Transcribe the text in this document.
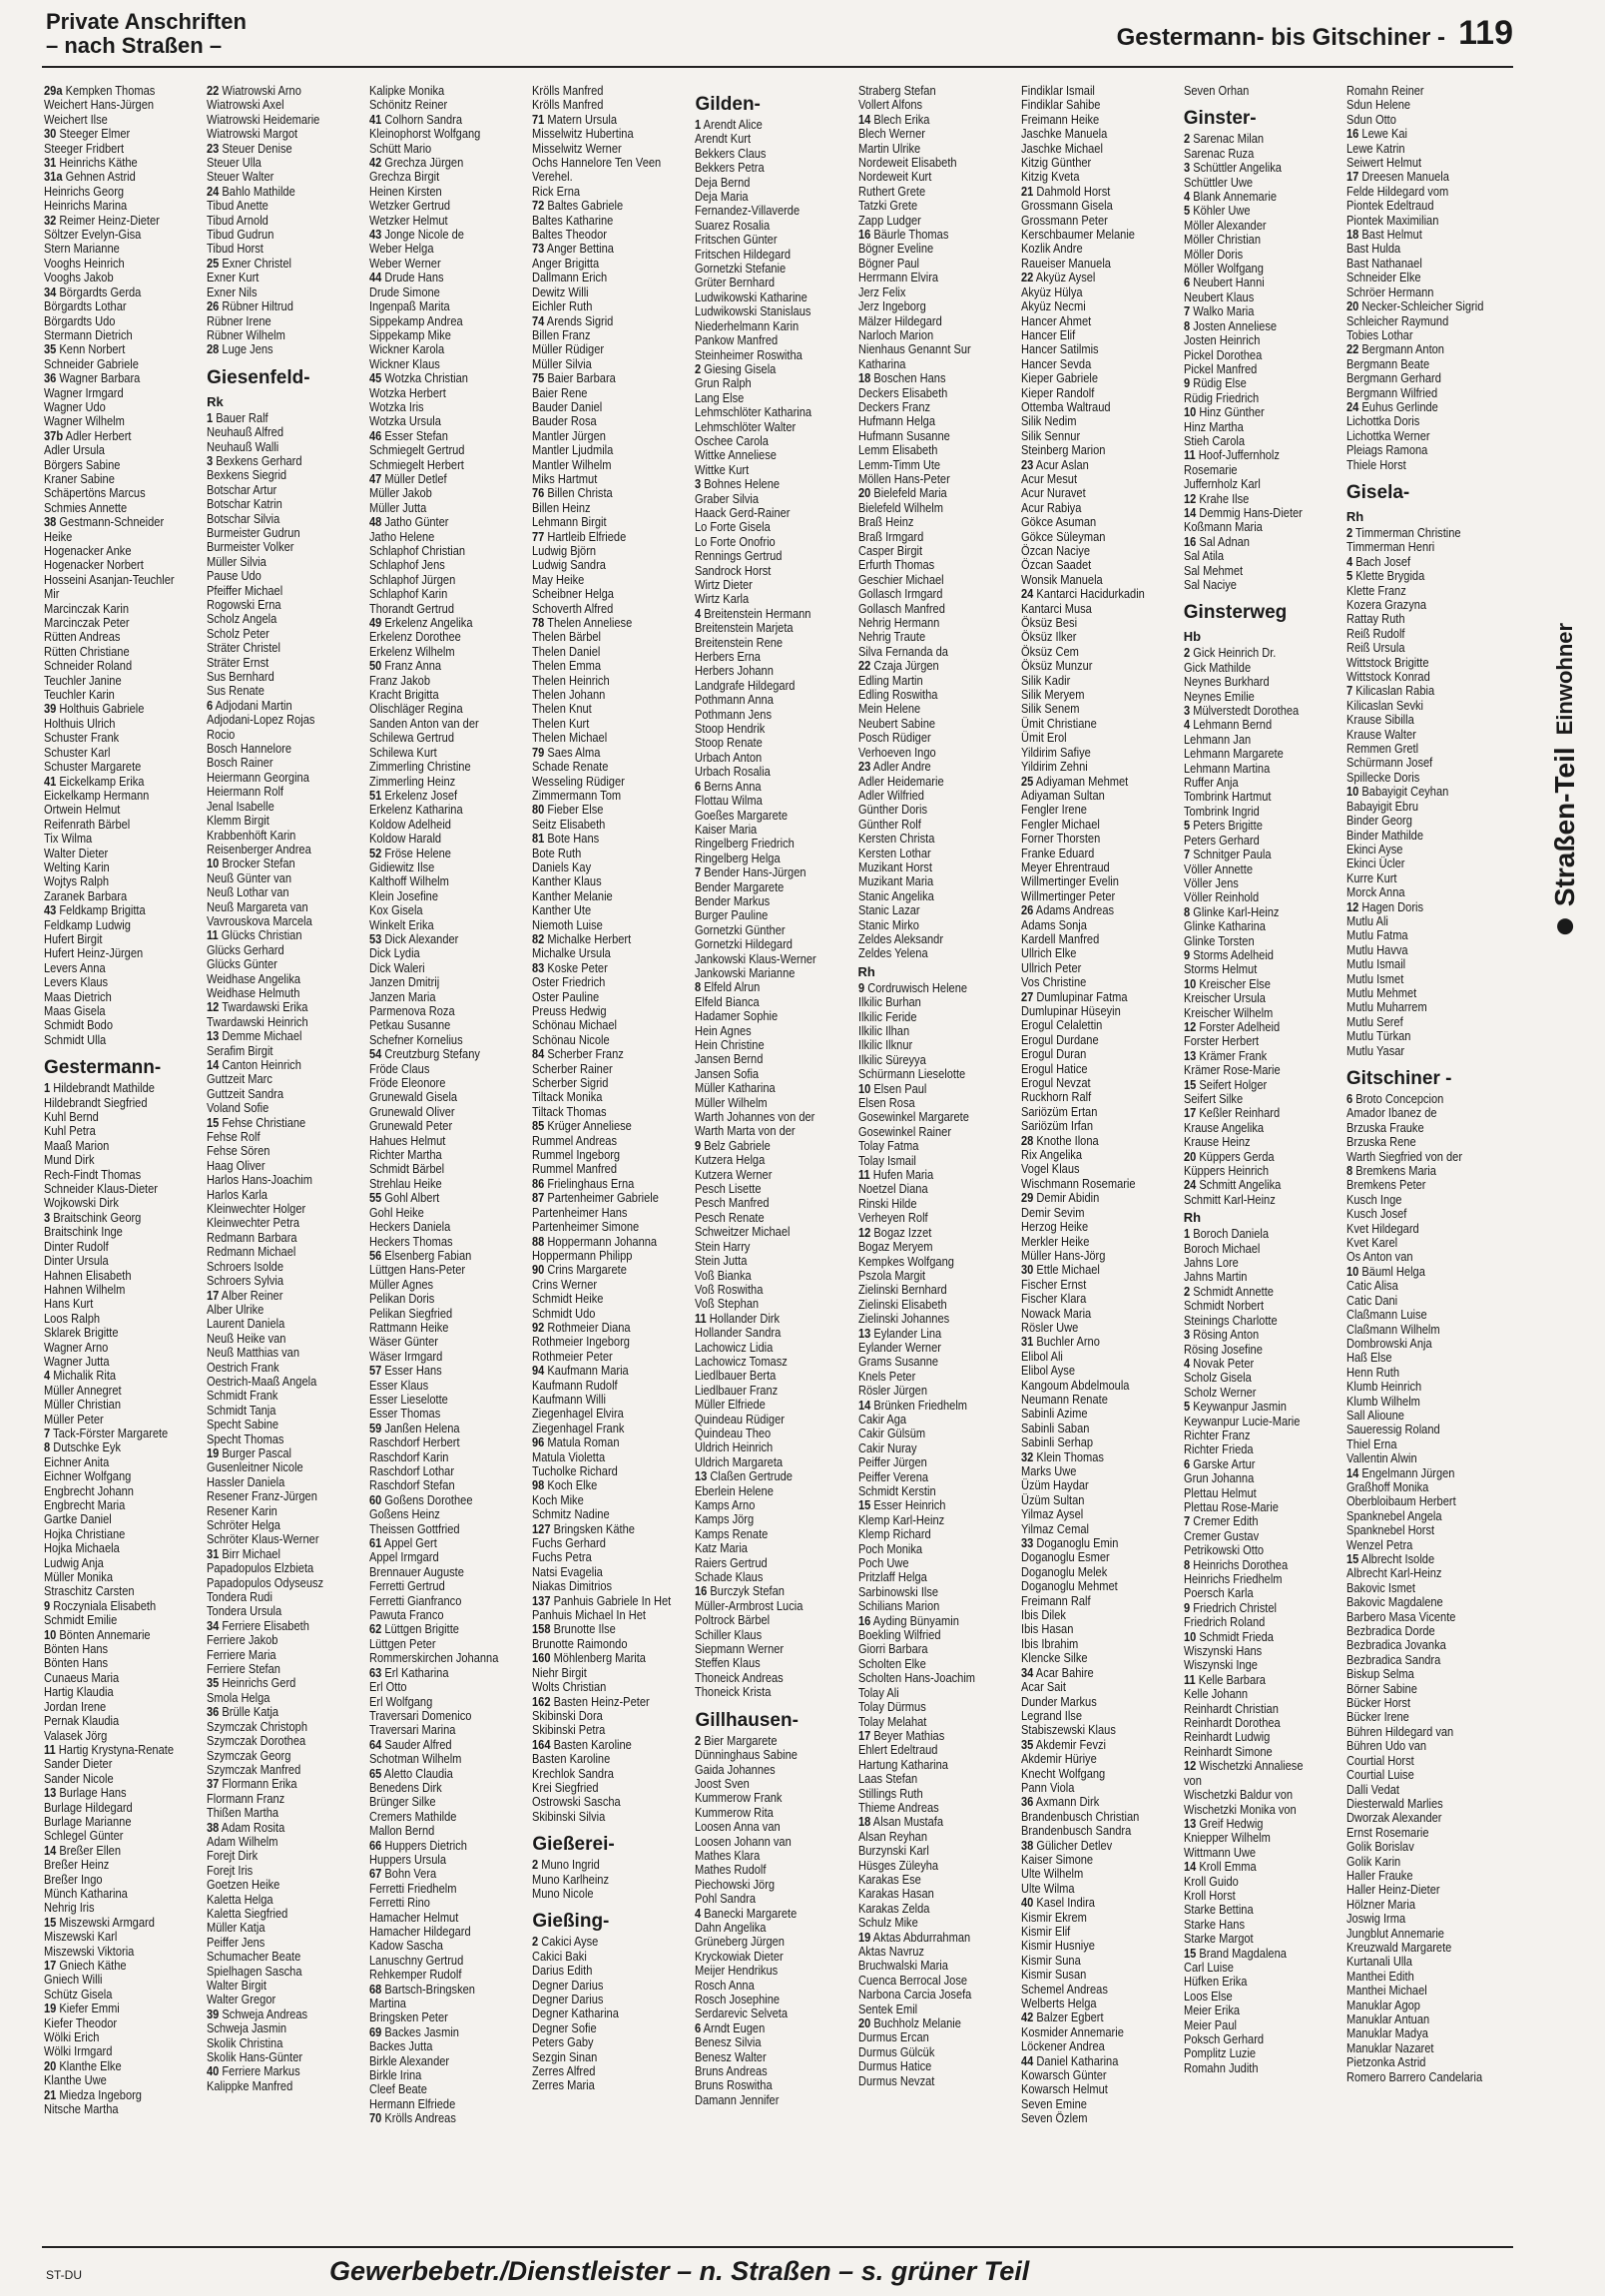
Private Anschriften
– nach Straßen –	Gestermann- bis Gitschiner - 119
29a Kempken Thomas
Weichert Hans-Jürgen
Weichert Ilse
30 Steeger Elmer
Steeger Fridbert
31 Heinrichs Käthe
31a Gehnen Astrid
Heinrichs Georg
Heinrichs Marina
32 Reimer Heinz-Dieter
Söltzer Evelyn-Gisa
Stern Marianne
Vooghs Heinrich
Vooghs Jakob
34 Börgardts Gerda
Börgardts Lothar
Börgardts Udo
Stermann Dietrich
35 Kenn Norbert
Schneider Gabriele
36 Wagner Barbara
Wagner Irmgard
Wagner Udo
Wagner Wilhelm
37b Adler Herbert
Adler Ursula
Börgers Sabine
Kraner Sabine
Schäpertöns Marcus
Schmies Annette
38 Gestmann-Schneider
Heike
Hogenacker Anke
Hogenacker Norbert
Hosseini Asanjan-Teuchler
Mir
Marcinczak Karin
Marcinczak Peter
Rütten Andreas
Rütten Christiane
Schneider Roland
Teuchler Janine
Teuchler Karin
39 Holthuis Gabriele
Holthuis Ulrich
Schuster Frank
Schuster Karl
Schuster Margarete
41 Eickelkamp Erika
Eickelkamp Hermann
Ortwein Helmut
Reifenrath Bärbel
Tix Wilma
Walter Dieter
Welting Karin
Wojtys Ralph
Zaranek Barbara
43 Feldkamp Brigitta
Feldkamp Ludwig
Hufert Birgit
Hufert Heinz-Jürgen
Levers Anna
Levers Klaus
Maas Dietrich
Maas Gisela
Schmidt Bodo
Schmidt Ulla
Gestermann-
1 Hildebrandt Mathilde
Hildebrandt Siegfried
Kuhl Bernd
Kuhl Petra
Maaß Marion
Mund Dirk
Rech-Findt Thomas
Schneider Klaus-Dieter
Wojkowski Dirk
3 Braitschink Georg
Braitschink Inge
Dinter Rudolf
Dinter Ursula
Hahnen Elisabeth
Hahnen Wilhelm
Hans Kurt
Loos Ralph
Sklarek Brigitte
Wagner Arno
Wagner Jutta
4 Michalik Rita
Müller Annegret
Müller Christian
Müller Peter
7 Tack-Förster Margarete
8 Dutschke Eyk
Eichner Anita
Eichner Wolfgang
Engbrecht Johann
Engbrecht Maria
Gartke Daniel
Hojka Christiane
Hojka Michaela
Ludwig Anja
Müller Monika
Straschitz Carsten
9 Roczyniala Elisabeth
Schmidt Emilie
10 Bönten Annemarie
Bönten Hans
Bönten Hans
Cunaeus Maria
Hartig Klaudia
Jordan Irene
Pernak Klaudia
Valasek Jörg
11 Hartig Krystyna-Renate
Sander Dieter
Sander Nicole
13 Burlage Hans
Burlage Hildegard
Burlage Marianne
Schlegel Günter
14 Breßer Ellen
Breßer Heinz
Breßer Ingo
Münch Katharina
Nehrig Iris
15 Miszewski Armgard
Miszewski Karl
Miszewski Viktoria
17 Gniech Käthe
Gniech Willi
Schütz Gisela
19 Kiefer Emmi
Kiefer Theodor
Wölki Erich
Wölki Irmgard
20 Klanthe Elke
Klanthe Uwe
21 Miedza Ingeborg
Nitsche Martha
22 Wiatrowski Arno
Wiatrowski Axel
Wiatrowski Heidemarie
Wiatrowski Margot
23 Steuer Denise
Steuer Ulla
Steuer Walter
24 Bahlo Mathilde
Tibud Anette
Tibud Arnold
Tibud Gudrun
Tibud Horst
25 Exner Christel
Exner Kurt
Exner Nils
26 Rübner Hiltrud
Rübner Irene
Rübner Wilhelm
28 Luge Jens
Giesenfeld-
Rk
1 Bauer Ralf
Neuhauß Alfred
Neuhauß Walli
3 Bexkens Gerhard
Bexkens Siegrid
Botschar Artur
Botschar Katrin
Botschar Silvia
Burmeister Gudrun
Burmeister Volker
Müller Silvia
Pause Udo
Pfeiffer Michael
Rogowski Erna
Scholz Angela
Scholz Peter
Sträter Christel
Sträter Ernst
Sus Bernhard
Sus Renate
6 Adjodani Martin
Adjodani-Lopez Rojas
Rocio
Bosch Hannelore
Bosch Rainer
Heiermann Georgina
Heiermann Rolf
Jenal Isabelle
Klemm Birgit
Krabbenhöft Karin
Reisenberger Andrea
10 Brocker Stefan
Neuß Günter van
Neuß Lothar van
Neuß Margareta van
Vavrouskova Marcela
11 Glücks Christian
Glücks Gerhard
Glücks Günter
Weidhase Angelika
Weidhase Helmuth
12 Twardawski Erika
Twardawski Heinrich
13 Demme Michael
Serafim Birgit
14 Canton Heinrich
Guttzeit Marc
Guttzeit Sandra
Voland Sofie
15 Fehse Christiane
Fehse Rolf
Fehse Sören
Haag Oliver
Harlos Hans-Joachim
Harlos Karla
Kleinwechter Holger
Kleinwechter Petra
Redmann Barbara
Redmann Michael
Schroers Isolde
Schroers Sylvia
17 Alber Reiner
Alber Ulrike
Laurent Daniela
Neuß Heike van
Neuß Matthias van
Oestrich Frank
Oestrich-Maaß Angela
Schmidt Frank
Schmidt Tanja
Specht Sabine
Specht Thomas
19 Burger Pascal
Gusenleitner Nicole
Hassler Daniela
Resener Franz-Jürgen
Resener Karin
Schröter Helga
Schröter Klaus-Werner
31 Birr Michael
Papadopulos Elzbieta
Papadopulos Odyseusz
Tondera Rudi
Tondera Ursula
34 Ferriere Elisabeth
Ferriere Jakob
Ferriere Maria
Ferriere Stefan
35 Heinrichs Gerd
Smola Helga
36 Brülle Katja
Szymczak Christoph
Szymczak Dorothea
Szymczak Georg
Szymczak Manfred
37 Flormann Erika
Flormann Franz
Thißen Martha
38 Adam Rosita
Adam Wilhelm
Forejt Dirk
Forejt Iris
Goetzen Heike
Kaletta Helga
Kaletta Siegfried
Müller Katja
Peiffer Jens
Schumacher Beate
Spielhagen Sascha
Walter Birgit
Walter Gregor
39 Schweja Andreas
Schweja Jasmin
Skolik Christina
Skolik Hans-Günter
40 Ferriere Markus
Kalippke Manfred
Kalipke Monika
Schönitz Reiner
41 Colhorn Sandra
Kleinophorst Wolfgang
Schütt Mario
42 Grechza Jürgen
Grechza Birgit
Heinen Kirsten
Wetzker Gertrud
Wetzker Helmut
43 Jonge Nicole de
Weber Helga
Weber Werner
44 Drude Hans
Drude Simone
Ingenpaß Marita
Sippekamp Andrea
Sippekamp Mike
Wickner Karola
Wickner Klaus
45 Wotzka Christian
Wotzka Herbert
Wotzka Iris
Wotzka Ursula
46 Esser Stefan
Schmiegelt Gertrud
Schmiegelt Herbert
47 Müller Detlef
Müller Jakob
Müller Jutta
48 Jatho Günter
Jatho Helene
Schlaphof Christian
Schlaphof Jens
Schlaphof Jürgen
Schlaphof Karin
Thorandt Gertrud
49 Erkelenz Angelika
Erkelenz Dorothee
Erkelenz Wilhelm
50 Franz Anna
Franz Jakob
Kracht Brigitta
Olischläger Regina
Sanden Anton van der
Schilewa Gertrud
Schilewa Kurt
Zimmerling Christine
Zimmerling Heinz
51 Erkelenz Josef
Erkelenz Katharina
Koldow Adelheid
Koldow Harald
52 Fröse Helene
Gidiewitz Ilse
Kalthoff Wilhelm
Klein Josefine
Kox Gisela
Winkelt Erika
53 Dick Alexander
Dick Lydia
Dick Waleri
Janzen Dmitrij
Janzen Maria
Parmenova Roza
Petkau Susanne
Schefner Kornelius
54 Creutzburg Stefany
Fröde Claus
Fröde Eleonore
Grunewald Gisela
Grunewald Oliver
Grunewald Peter
Hahues Helmut
Richter Martha
Schmidt Bärbel
Strehlau Heike
55 Gohl Albert
Gohl Heike
Heckers Daniela
Heckers Thomas
56 Elsenberg Fabian
Lüttgen Hans-Peter
Müller Agnes
Pelikan Doris
Pelikan Siegfried
Rattmann Heike
Wäser Günter
Wäser Irmgard
57 Esser Hans
Esser Klaus
Esser Lieselotte
Esser Thomas
59 Janßen Helena
Raschdorf Herbert
Raschdorf Karin
Raschdorf Lothar
Raschdorf Stefan
60 Goßens Dorothee
Goßens Heinz
Theissen Gottfried
61 Appel Gert
Appel Irmgard
Brennauer Auguste
Ferretti Gertrud
Ferretti Gianfranco
Pawuta Franco
62 Lüttgen Brigitte
Lüttgen Peter
Rommerskirchen Johanna
63 Erl Katharina
Erl Otto
Erl Wolfgang
Traversari Domenico
Traversari Marina
64 Sauder Alfred
Schotman Wilhelm
65 Aletto Claudia
Benedens Dirk
Brünger Silke
Cremers Mathilde
Mallon Bernd
66 Huppers Dietrich
Huppers Ursula
67 Bohn Vera
Ferretti Friedhelm
Ferretti Rino
Hamacher Helmut
Hamacher Hildegard
Kadow Sascha
Lanuschny Gertrud
Rehkemper Rudolf
68 Bartsch-Bringsken
Martina
Bringsken Peter
69 Backes Jasmin
Backes Jutta
Birkle Alexander
Birkle Irina
Cleef Beate
Hermann Elfriede
70 Krölls Andreas
Krölls Manfred
Krölls Manfred
71 Matern Ursula
Misselwitz Hubertina
Misselwitz Werner
Ochs Hannelore Ten Veen
Verehel.
Rick Erna
72 Baltes Gabriele
Baltes Katharine
Baltes Theodor
73 Anger Bettina
Anger Brigitta
Dallmann Erich
Dewitz Willi
Eichler Ruth
74 Arends Sigrid
Billen Franz
Müller Rüdiger
Müller Silvia
75 Baier Barbara
Baier Rene
Bauder Daniel
Bauder Rosa
Mantler Jürgen
Mantler Ljudmila
Mantler Wilhelm
Miks Hartmut
76 Billen Christa
Billen Heinz
Lehmann Birgit
77 Hartleib Elfriede
Ludwig Björn
Ludwig Sandra
May Heike
Scheibner Helga
Schoverth Alfred
78 Thelen Anneliese
Thelen Bärbel
Thelen Daniel
Thelen Emma
Thelen Heinrich
Thelen Johann
Thelen Knut
Thelen Kurt
Thelen Michael
79 Saes Alma
Schade Renate
Wesseling Rüdiger
Zimmermann Tom
80 Fieber Else
Seitz Elisabeth
81 Bote Hans
Bote Ruth
Daniels Kay
Kanther Klaus
Kanther Melanie
Kanther Ute
Niemoth Luise
82 Michalke Herbert
Michalke Ursula
83 Koske Peter
Oster Friedrich
Oster Pauline
Preuss Hedwig
Schönau Michael
Schönau Nicole
84 Scherber Franz
Scherber Rainer
Scherber Sigrid
Tiltack Monika
Tiltack Thomas
85 Krüger Anneliese
Rummel Andreas
Rummel Ingeborg
Rummel Manfred
86 Frielinghaus Erna
87 Partenheimer Gabriele
Partenheimer Hans
Partenheimer Simone
88 Hoppermann Johanna
Hoppermann Philipp
90 Crins Margarete
Crins Werner
Schmidt Heike
Schmidt Udo
92 Rothmeier Diana
Rothmeier Ingeborg
Rothmeier Peter
94 Kaufmann Maria
Kaufmann Rudolf
Kaufmann Willi
Ziegenhagel Elvira
Ziegenhagel Frank
96 Matula Roman
Matula Violetta
Tucholke Richard
98 Koch Elke
Koch Mike
Schmitz Nadine
127 Bringsken Käthe
Fuchs Gerhard
Fuchs Petra
Natsi Evagelia
Niakas Dimitrios
137 Panhuis Gabriele In Het
Panhuis Michael In Het
158 Brunotte Ilse
Brunotte Raimondo
160 Möhlenberg Marita
Niehr Birgit
Wolts Christian
162 Basten Heinz-Peter
Skibinski Dora
Skibinski Petra
164 Basten Karoline
Basten Karoline
Krechlok Sandra
Krei Siegfried
Ostrowski Sascha
Skibinski Silvia
Gießerei-
2 Muno Ingrid
Muno Karlheinz
Muno Nicole
Gießing-
2 Cakici Ayse
Cakici Baki
Darius Edith
Degner Darius
Degner Darius
Degner Katharina
Degner Sofie
Peters Gaby
Sezgin Sinan
Zerres Alfred
Zerres Maria
Gilden-
1 Arendt Alice
Arendt Kurt
Bekkers Claus
Bekkers Petra
Deja Bernd
Deja Maria
Fernandez-Villaverde
Suarez Rosalia
Fritschen Günter
Fritschen Hildegard
Gornetzki Stefanie
Grüter Bernhard
Ludwikowski Katharine
Ludwikowski Stanislaus
Niederhelmann Karin
Pankow Manfred
Steinheimer Roswitha
2 Giesing Gisela
Grun Ralph
Lang Else
Lehmschlöter Katharina
Lehmschlöter Walter
Oschee Carola
Wittke Anneliese
Wittke Kurt
3 Bohnes Helene
Graber Silvia
Haack Gerd-Rainer
Lo Forte Gisela
Lo Forte Onofrio
Rennings Gertrud
Sandrock Horst
Wirtz Dieter
Wirtz Karla
4 Breitenstein Hermann
Breitenstein Marjeta
Breitenstein Rene
Herbers Erna
Herbers Johann
Landgrafe Hildegard
Pothmann Anna
Pothmann Jens
Stoop Hendrik
Stoop Renate
Urbach Anton
Urbach Rosalia
6 Berns Anna
Flottau Wilma
Goeßes Margarete
Kaiser Maria
Ringelberg Friedrich
Ringelberg Helga
7 Bender Hans-Jürgen
Bender Margarete
Bender Markus
Burger Pauline
Gornetzki Günther
Gornetzki Hildegard
Jankowski Klaus-Werner
Jankowski Marianne
8 Elfeld Alrun
Elfeld Bianca
Hadamer Sophie
Hein Agnes
Hein Christine
Jansen Bernd
Jansen Sofia
Müller Katharina
Müller Wilhelm
Warth Johannes von der
Warth Marta von der
9 Belz Gabriele
Kutzera Helga
Kutzera Werner
Pesch Lisette
Pesch Manfred
Pesch Renate
Schweitzer Michael
Stein Harry
Stein Jutta
Voß Bianka
Voß Roswitha
Voß Stephan
11 Hollander Dirk
Hollander Sandra
Lachowicz Lidia
Lachowicz Tomasz
Liedlbauer Berta
Liedlbauer Franz
Müller Elfriede
Quindeau Rüdiger
Quindeau Theo
Uldrich Heinrich
Uldrich Margareta
13 Claßen Gertrude
Eberlein Helene
Kamps Arno
Kamps Jörg
Kamps Renate
Katz Maria
Raiers Gertrud
Schade Klaus
16 Burczyk Stefan
Müller-Armbrost Lucia
Poltrock Bärbel
Schiller Klaus
Siepmann Werner
Steffen Klaus
Thoneick Andreas
Thoneick Krista
Gillhausen-
2 Bier Margarete
Dünninghaus Sabine
Gaida Johannes
Joost Sven
Kummerow Frank
Kummerow Rita
Loosen Anna van
Loosen Johann van
Mathes Klara
Mathes Rudolf
Piechowski Jörg
Pohl Sandra
4 Banecki Margarete
Dahn Angelika
Grüneberg Jürgen
Kryckowiak Dieter
Meijer Hendrikus
Rosch Anna
Rosch Josephine
Serdarevic Selveta
6 Arndt Eugen
Benesz Silvia
Benesz Walter
Bruns Andreas
Bruns Roswitha
Damann Jennifer
Straberg Stefan
Vollert Alfons
14 Blech Erika
Blech Werner
Martin Ulrike
Nordeweit Elisabeth
Nordeweit Kurt
Ruthert Grete
Tatzki Grete
Zapp Ludger
16 Bäurle Thomas
Bögner Eveline
Bögner Paul
Herrmann Elvira
Jerz Felix
Jerz Ingeborg
Mälzer Hildegard
Narloch Marion
Nienhaus Genannt Sur
Katharina
18 Boschen Hans
Deckers Elisabeth
Deckers Franz
Hufmann Helga
Hufmann Susanne
Lemm Elisabeth
Lemm-Timm Ute
Möllen Hans-Peter
20 Bielefeld Maria
Bielefeld Wilhelm
Braß Heinz
Braß Irmgard
Casper Birgit
Erfurth Thomas
Geschier Michael
Gollasch Irmgard
Gollasch Manfred
Nehrig Hermann
Nehrig Traute
Silva Fernanda da
22 Czaja Jürgen
Edling Martin
Edling Roswitha
Mein Helene
Neubert Sabine
Posch Rüdiger
Verhoeven Ingo
23 Adler Andre
Adler Heidemarie
Adler Wilfried
Günther Doris
Günther Rolf
Kersten Christa
Kersten Lothar
Muzikant Horst
Muzikant Maria
Stanic Angelika
Stanic Lazar
Stanic Mirko
Zeldes Aleksandr
Zeldes Yelena
Rh
9 Cordruwisch Helene
Ilkilic Burhan
Ilkilic Feride
Ilkilic Ilhan
Ilkilic Ilknur
Ilkilic Süreyya
Schürmann Lieselotte
10 Elsen Paul
Elsen Rosa
Gosewinkel Margarete
Gosewinkel Rainer
Tolay Fatma
Tolay Ismail
11 Hufen Maria
Noetzel Diana
Rinski Hilde
Verheyen Rolf
12 Bogaz Izzet
Bogaz Meryem
Kempkes Wolfgang
Pszola Margit
Zielinski Bernhard
Zielinski Elisabeth
Zielinski Johannes
13 Eylander Lina
Eylander Werner
Grams Susanne
Knels Peter
Rösler Jürgen
14 Brünken Friedhelm
Cakir Aga
Cakir Gülsüm
Cakir Nuray
Peiffer Jürgen
Peiffer Verena
Schmidt Kerstin
15 Esser Heinrich
Klemp Karl-Heinz
Klemp Richard
Poch Monika
Poch Uwe
Pritzlaff Helga
Sarbinowski Ilse
Schilians Marion
16 Ayding Bünyamin
Boekling Wilfried
Giorri Barbara
Scholten Elke
Scholten Hans-Joachim
Tolay Ali
Tolay Dürmus
Tolay Melahat
17 Beyer Mathias
Ehlert Edeltraud
Hartung Katharina
Laas Stefan
Stillings Ruth
Thieme Andreas
18 Alsan Mustafa
Alsan Reyhan
Burzynski Karl
Hüsges Züleyha
Karakas Ese
Karakas Hasan
Karakas Zelda
Schulz Mike
19 Aktas Abdurrahman
Aktas Navruz
Bruchwalski Maria
Cuenca Berrocal Jose
Narbona Carcia Josefa
Sentek Emil
20 Buchholz Melanie
Durmus Ercan
Durmus Gülcük
Durmus Hatice
Durmus Nevzat
Findiklar Ismail
Findiklar Sahibe
Freimann Heike
Jaschke Manuela
Jaschke Michael
Kitzig Günther
Kitzig Kveta
21 Dahmold Horst
Grossmann Gisela
Grossmann Peter
Kerschbaumer Melanie
Kozlik Andre
Raueiser Manuela
22 Akyüz Aysel
Akyüz Hülya
Akyüz Necmi
Hancer Ahmet
Hancer Elif
Hancer Satilmis
Hancer Sevda
Kieper Gabriele
Kieper Randolf
Ottemba Waltraud
Silik Nedim
Silik Sennur
Steinberg Marion
23 Acur Aslan
Acur Mesut
Acur Nuravet
Acur Rabiya
Gökce Asuman
Gökce Süleyman
Özcan Naciye
Özcan Saadet
Wonsik Manuela
24 Kantarci Hacidurkadin
Kantarci Musa
Öksüz Besi
Öksüz Ilker
Öksüz Cem
Öksüz Munzur
Silik Kadir
Silik Meryem
Silik Senem
Ümit Christiane
Ümit Erol
Yildirim Safiye
Yildirim Zehni
25 Adiyaman Mehmet
Adiyaman Sultan
Fengler Irene
Fengler Michael
Forner Thorsten
Franke Eduard
Meyer Ehrentraud
Willmertinger Evelin
Willmertinger Peter
26 Adams Andreas
Adams Sonja
Kardell Manfred
Ullrich Elke
Ullrich Peter
Vos Christine
27 Dumlupinar Fatma
Dumlupinar Hüseyin
Erogul Celalettin
Erogul Durdane
Erogul Duran
Erogul Hatice
Erogul Nevzat
Ruckhorn Ralf
Sariözüm Ertan
Sariözüm Irfan
28 Knothe Ilona
Rix Angelika
Vogel Klaus
Wischmann Rosemarie
29 Demir Abidin
Demir Sevim
Herzog Heike
Merkler Heike
Müller Hans-Jörg
30 Ettle Michael
Fischer Ernst
Fischer Klara
Nowack Maria
Rösler Uwe
31 Buchler Arno
Elibol Ali
Elibol Ayse
Kangoum Abdelmoula
Neumann Renate
Sabinli Azime
Sabinli Saban
Sabinli Serhap
32 Klein Thomas
Marks Uwe
Üzüm Haydar
Üzüm Sultan
Yilmaz Aysel
Yilmaz Cemal
33 Doganoglu Emin
Doganoglu Esmer
Doganoglu Melek
Doganoglu Mehmet
Freimann Ralf
Ibis Dilek
Ibis Hasan
Ibis Ibrahim
Klencke Silke
34 Acar Bahire
Acar Sait
Dunder Markus
Legrand Ilse
Stabiszewski Klaus
35 Akdemir Fevzi
Akdemir Hüriye
Knecht Wolfgang
Pann Viola
36 Axmann Dirk
Brandenbusch Christian
Brandenbusch Sandra
38 Gülicher Detlev
Kaiser Simone
Ulte Wilhelm
Ulte Wilma
40 Kasel Indira
Kismir Ekrem
Kismir Elif
Kismir Husniye
Kismir Suna
Kismir Susan
Schemel Andreas
Welberts Helga
42 Balzer Egbert
Kosmider Annemarie
Löckener Andrea
44 Daniel Katharina
Kowarsch Günter
Kowarsch Helmut
Seven Emine
Seven Özlem
Seven Orhan
Ginster-
2 Sarenac Milan
Sarenac Ruza
3 Schüttler Angelika
Schüttler Uwe
4 Blank Annemarie
5 Köhler Uwe
Möller Alexander
Möller Christian
Möller Doris
Möller Wolfgang
6 Neubert Hanni
Neubert Klaus
7 Walko Maria
8 Josten Anneliese
Josten Heinrich
Pickel Dorothea
Pickel Manfred
9 Rüdig Else
Rüdig Friedrich
10 Hinz Günther
Hinz Martha
Stieh Carola
11 Hoof-Juffernholz
Rosemarie
Juffernholz Karl
12 Krahe Ilse
14 Demmig Hans-Dieter
Koßmann Maria
16 Sal Adnan
Sal Atila
Sal Mehmet
Sal Naciye
Ginsterweg
Hb
2 Gick Heinrich Dr.
Gick Mathilde
Neynes Burkhard
Neynes Emilie
3 Mülverstedt Dorothea
4 Lehmann Bernd
Lehmann Jan
Lehmann Margarete
Lehmann Martina
Ruffer Anja
Tombrink Hartmut
Tombrink Ingrid
5 Peters Brigitte
Peters Gerhard
7 Schnitger Paula
Völler Annette
Völler Jens
Völler Reinhold
8 Glinke Karl-Heinz
Glinke Katharina
Glinke Torsten
9 Storms Adelheid
Storms Helmut
10 Kreischer Else
Kreischer Ursula
Kreischer Wilhelm
12 Forster Adelheid
Forster Herbert
13 Krämer Frank
Krämer Rose-Marie
15 Seifert Holger
Seifert Silke
17 Keßler Reinhard
Krause Angelika
Krause Heinz
20 Küppers Gerda
Küppers Heinrich
24 Schmitt Angelika
Schmitt Karl-Heinz
Rh
1 Boroch Daniela
Boroch Michael
Jahns Lore
Jahns Martin
2 Schmidt Annette
Schmidt Norbert
Steinings Charlotte
3 Rösing Anton
Rösing Josefine
4 Novak Peter
Scholz Gisela
Scholz Werner
5 Keywanpur Jasmin
Keywanpur Lucie-Marie
Richter Franz
Richter Frieda
6 Garske Artur
Grun Johanna
Plettau Helmut
Plettau Rose-Marie
7 Cremer Edith
Cremer Gustav
Petrikowski Otto
8 Heinrichs Dorothea
Heinrichs Friedhelm
Poersch Karla
9 Friedrich Christel
Friedrich Roland
10 Schmidt Frieda
Wiszynski Hans
Wiszynski Inge
11 Kelle Barbara
Kelle Johann
Reinhardt Christian
Reinhardt Dorothea
Reinhardt Ludwig
Reinhardt Simone
12 Wischetzki Annaliese
von
Wischetzki Baldur von
Wischetzki Monika von
13 Greif Hedwig
Kniepper Wilhelm
Wittmann Uwe
14 Kroll Emma
Kroll Guido
Kroll Horst
Starke Bettina
Starke Hans
Starke Margot
15 Brand Magdalena
Carl Luise
Hüfken Erika
Loos Else
Meier Erika
Meier Paul
Poksch Gerhard
Pomplitz Luzie
Romahn Judith
Romahn Reiner
Sdun Helene
Sdun Otto
16 Lewe Kai
Lewe Katrin
Seiwert Helmut
17 Dreesen Manuela
Felde Hildegard vom
Piontek Edeltraud
Piontek Maximilian
18 Bast Helmut
Bast Hulda
Bast Nathanael
Schneider Elke
Schröer Hermann
20 Necker-Schleicher Sigrid
Schleicher Raymund
Tobies Lothar
22 Bergmann Anton
Bergmann Beate
Bergmann Gerhard
Bergmann Wilfried
24 Euhus Gerlinde
Lichottka Doris
Lichottka Werner
Pleiags Ramona
Thiele Horst
Gisela-
Rh
2 Timmerman Christine
Timmerman Henri
4 Bach Josef
5 Klette Brygida
Klette Franz
Kozera Grazyna
Rattay Ruth
Reiß Rudolf
Reiß Ursula
Wittstock Brigitte
Wittstock Konrad
7 Kilicaslan Rabia
Kilicaslan Sevki
Krause Sibilla
Krause Walter
Remmen Gretl
Schürmann Josef
Spillecke Doris
10 Babayigit Ceyhan
Babayigit Ebru
Binder Georg
Binder Mathilde
Ekinci Ayse
Ekinci Ücler
Kurre Kurt
Morck Anna
12 Hagen Doris
Mutlu Ali
Mutlu Fatma
Mutlu Havva
Mutlu Ismail
Mutlu Ismet
Mutlu Mehmet
Mutlu Muharrem
Mutlu Seref
Mutlu Türkan
Mutlu Yasar
Gitschiner -
6 Broto Concepcion
Amador Ibanez de
Brzuska Frauke
Brzuska Rene
Warth Siegfried von der
8 Bremkens Maria
Bremkens Peter
Kusch Inge
Kusch Josef
Kvet Hildegard
Kvet Karel
Os Anton van
10 Bäuml Helga
Catic Alisa
Catic Dani
Claßmann Luise
Claßmann Wilhelm
Dombrowski Anja
Haß Else
Henn Ruth
Klumb Heinrich
Klumb Wilhelm
Sall Alioune
Saueressig Roland
Thiel Erna
Vallentin Alwin
14 Engelmann Jürgen
Graßhoff Monika
Oberbloibaum Herbert
Spanknebel Angela
Spanknebel Horst
Wenzel Petra
15 Albrecht Isolde
Albrecht Karl-Heinz
Bakovic Ismet
Bakovic Magdalene
Barbero Masa Vicente
Bezbradica Dorde
Bezbradica Jovanka
Bezbradica Sandra
Biskup Selma
Börner Sabine
Bücker Horst
Bücker Irene
Bühren Hildegard van
Bühren Udo van
Courtial Horst
Courtial Luise
Dalli Vedat
Diesterwald Marlies
Dworzak Alexander
Ernst Rosemarie
Golik Borislav
Golik Karin
Haller Frauke
Haller Heinz-Dieter
Hölzner Maria
Joswig Irma
Jungblut Annemarie
Kreuzwald Margarete
Kurtanali Ulla
Manthei Edith
Manthei Michael
Manuklar Agop
Manuklar Antuan
Manuklar Madya
Manuklar Nazaret
Pietzonka Astrid
Romero Barrero Candelaria
Straßen-Teil
Einwohner
ST-DU	Gewerbebetr./Dienstleister – n. Straßen – s. grüner Teil
